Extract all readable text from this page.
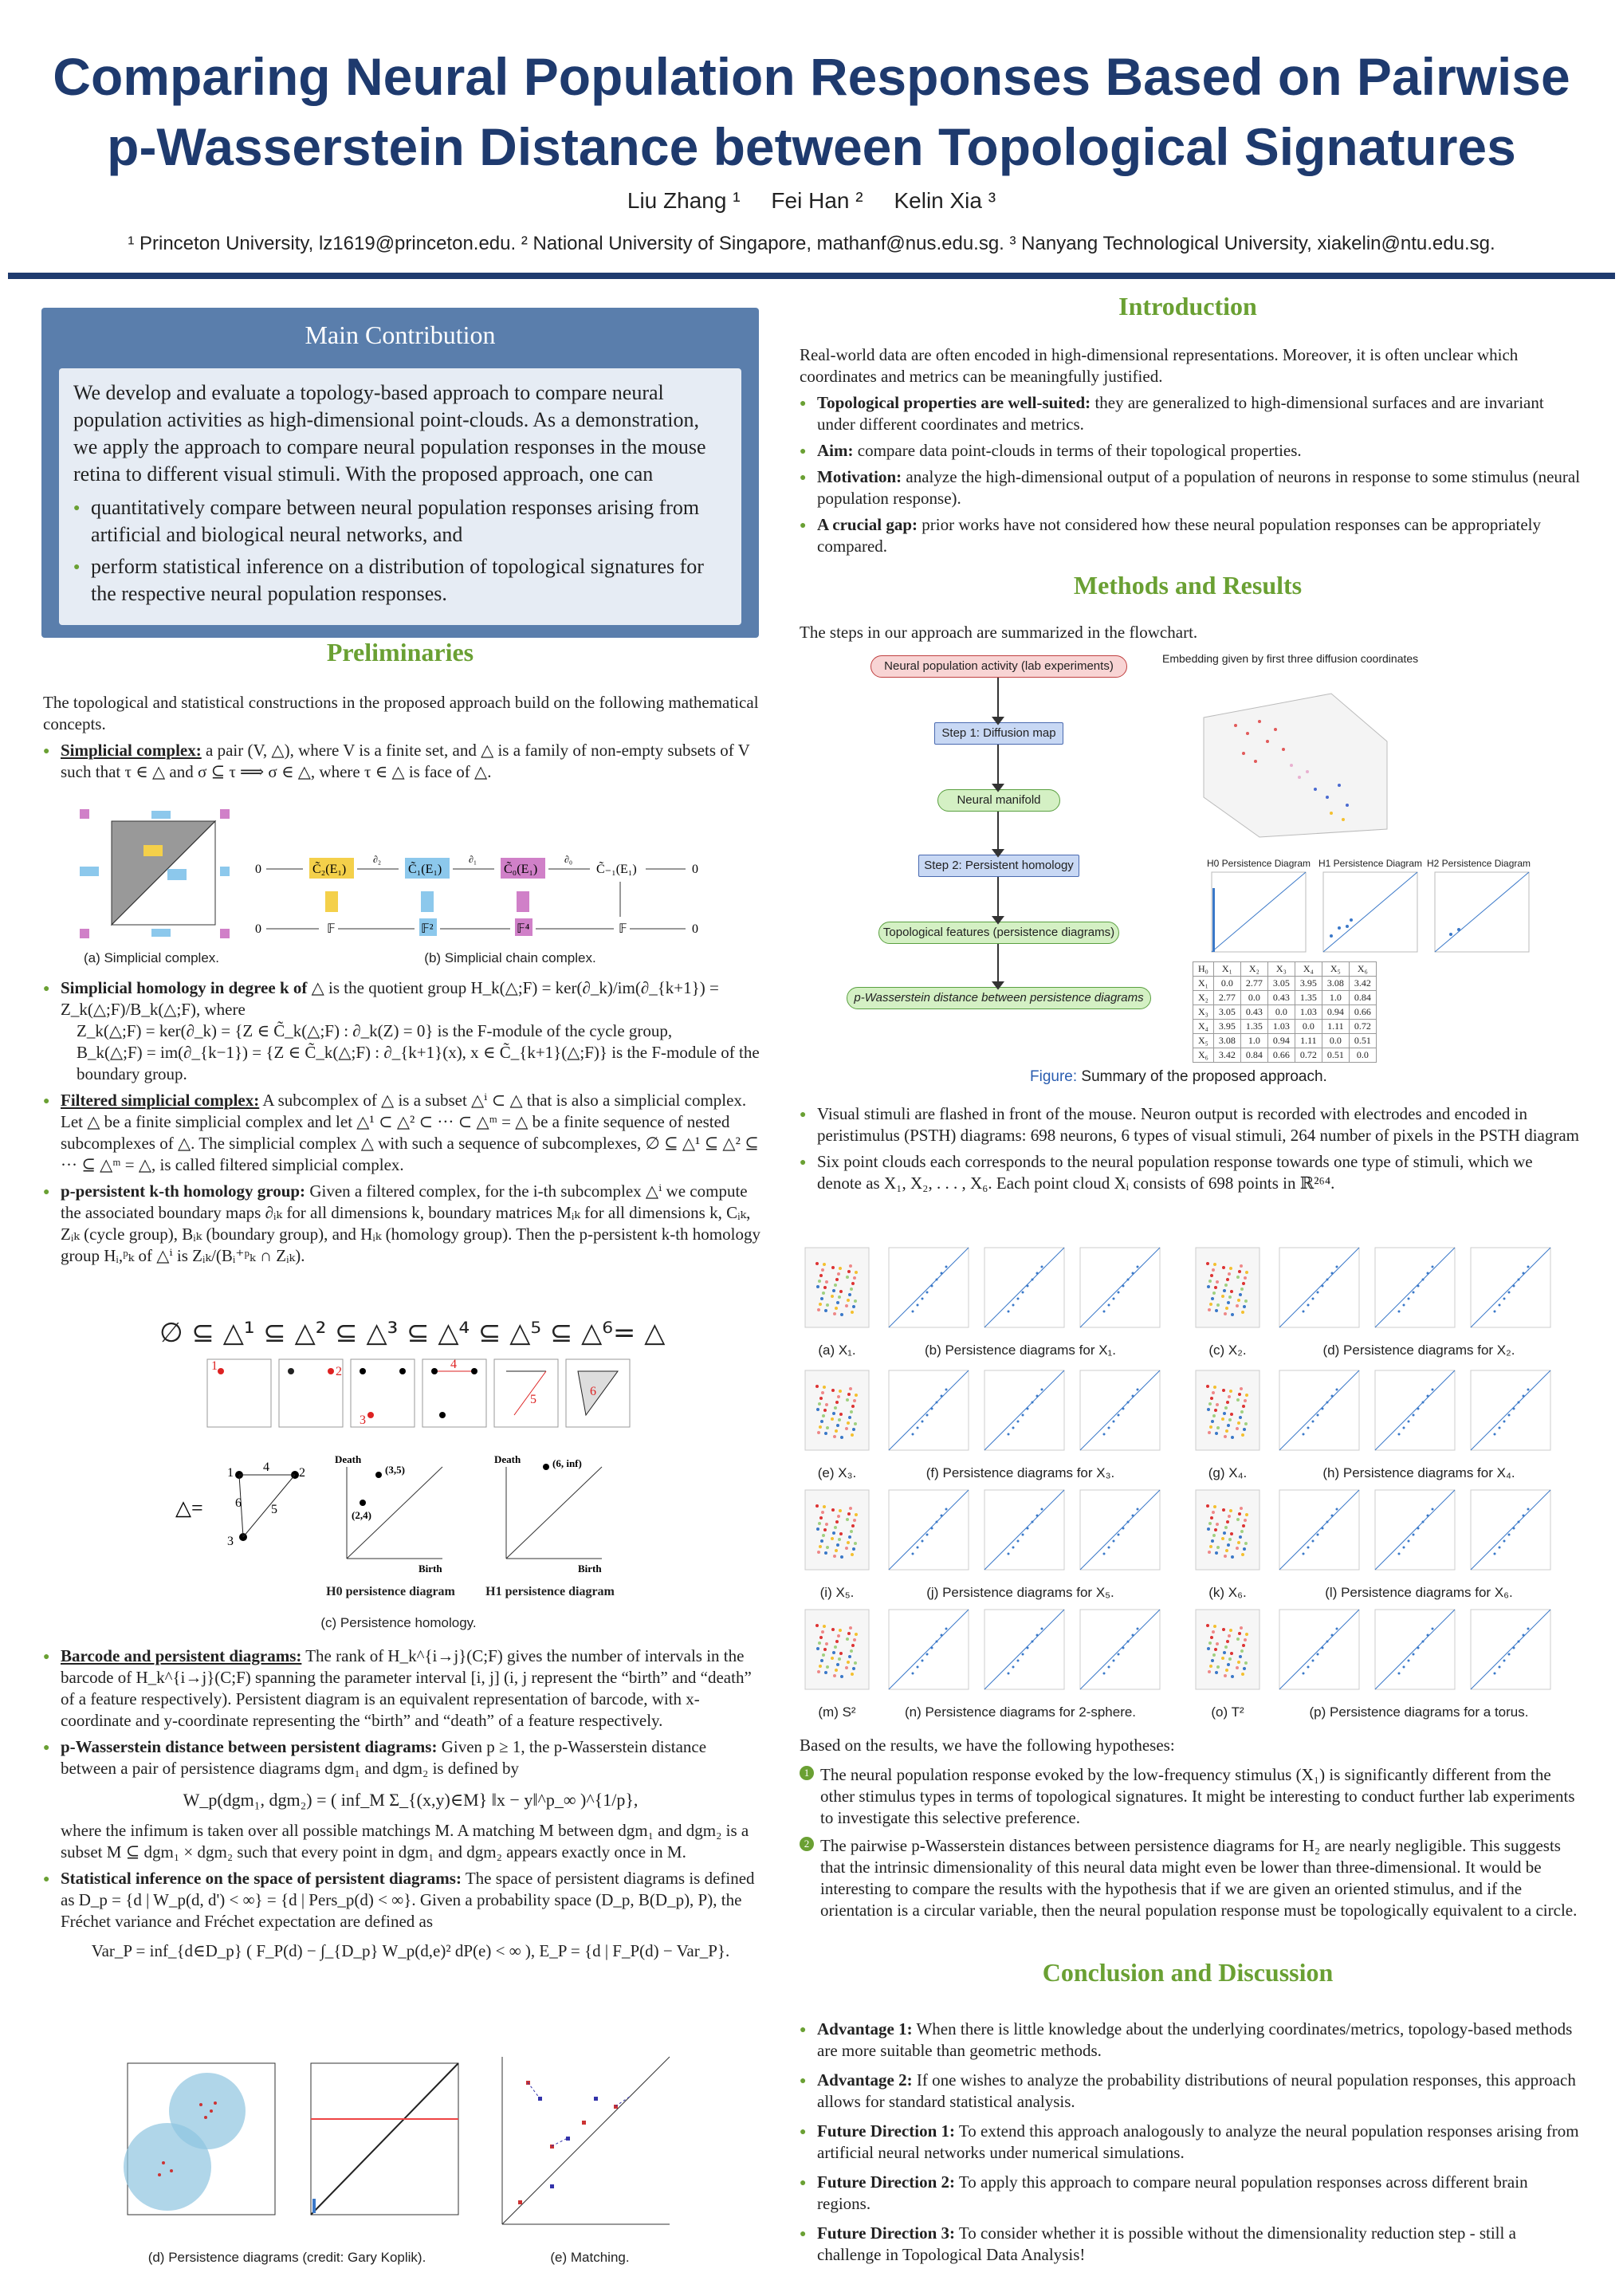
Comparing Neural Population Responses Based on Pairwise
p-Wasserstein Distance between Topological Signatures
Liu Zhang ¹     Fei Han ²     Kelin Xia ³
¹ Princeton University, lz1619@princeton.edu. ² National University of Singapore, mathanf@nus.edu.sg. ³ Nanyang Technological University, xiakelin@ntu.edu.sg.
Main Contribution
We develop and evaluate a topology-based approach to compare neural population activities as high-dimensional point-clouds. As a demonstration, we apply the approach to compare neural population responses in the mouse retina to different visual stimuli. With the proposed approach, one can
● quantitatively compare between neural population responses arising from artificial and biological neural networks, and
● perform statistical inference on a distribution of topological signatures for the respective neural population responses.
Preliminaries
The topological and statistical constructions in the proposed approach build on the following mathematical concepts.
● Simplicial complex: a pair (V, △), where V is a finite set, and △ is a family of non-empty subsets of V such that τ ∈ △ and σ ⊆ τ ⟹ σ ∈ △, where τ ∈ △ is face of △.
(a) Simplicial complex.
0	C̃₂(E₁)
∂₂
C̃₁(E₁)
∂₁
C̃₀(E₁)
∂₀
C̃₋₁(E₁)	0
0	𝔽	𝔽²	𝔽⁴	𝔽	0
(b) Simplicial chain complex.
● Simplicial homology in degree k of △ is the quotient group H_k(△;F) = ker(∂_k)/im(∂_{k+1}) = Z_k(△;F)/B_k(△;F), where
Z_k(△;F) = ker(∂_k) = {Z ∈ C̃_k(△;F) : ∂_k(Z) = 0} is the F-module of the cycle group,
B_k(△;F) = im(∂_{k−1}) = {Z ∈ C̃_k(△;F) : ∂_{k+1}(x), x ∈ C̃_{k+1}(△;F)} is the F-module of the boundary group.
● Filtered simplicial complex: A subcomplex of △ is a subset △ⁱ ⊂ △ that is also a simplicial complex. Let △ be a finite simplicial complex and let △¹ ⊂ △² ⊂ ··· ⊂ △ᵐ = △ be a finite sequence of nested subcomplexes of △. The simplicial complex △ with such a sequence of subcomplexes, ∅ ⊆ △¹ ⊆ △² ⊆ ··· ⊆ △ᵐ = △, is called filtered simplicial complex.
● p-persistent k-th homology group: Given a filtered complex, for the i-th subcomplex △ⁱ we compute the associated boundary maps ∂ᵢₖ for all dimensions k, boundary matrices Mᵢₖ for all dimensions k, Cᵢₖ, Zᵢₖ (cycle group), Bᵢₖ (boundary group), and Hᵢₖ (homology group). Then the p-persistent k-th homology group Hᵢ,ᵖₖ of △ⁱ is Zᵢₖ/(Bᵢ⁺ᵖₖ ∩ Zᵢₖ).
∅ ⊆ △¹ ⊆ △² ⊆ △³ ⊆ △⁴ ⊆ △⁵ ⊆ △⁶= △
1	2
3
4
5
6
1	2
3
4
5
6
△=
Death
Birth
(3,5)
(2,4)
Death
Birth
(6, inf)
H0 persistence diagram	H1 persistence diagram
(c) Persistence homology.
● Barcode and persistent diagrams: The rank of H_k^{i→j}(C;F) gives the number of intervals in the barcode of H_k^{i→j}(C;F) spanning the parameter interval [i, j] (i, j represent the “birth” and “death” of a feature respectively). Persistent diagram is an equivalent representation of barcode, with x-coordinate and y-coordinate representing the “birth” and “death” of a feature respectively.
● p-Wasserstein distance between persistent diagrams: Given p ≥ 1, the p-Wasserstein distance between a pair of persistence diagrams dgm₁ and dgm₂ is defined by
W_p(dgm₁, dgm₂) = ( inf_M Σ_{(x,y)∈M} ‖x − y‖^p_∞ )^{1/p},
where the infimum is taken over all possible matchings M. A matching M between dgm₁ and dgm₂ is a subset M ⊆ dgm₁ × dgm₂ such that every point in dgm₁ and dgm₂ appears exactly once in M.
● Statistical inference on the space of persistent diagrams: The space of persistent diagrams is defined as D_p = {d | W_p(d, d') < ∞} = {d | Pers_p(d) < ∞}. Given a probability space (D_p, B(D_p), P), the Fréchet variance and Fréchet expectation are defined as
Var_P = inf_{d∈D_p} ( F_P(d) − ∫_{D_p} W_p(d,e)² dP(e) < ∞ ), E_P = {d | F_P(d) − Var_P}.
(d) Persistence diagrams (credit: Gary Koplik).	(e) Matching.
Introduction
Real-world data are often encoded in high-dimensional representations. Moreover, it is often unclear which coordinates and metrics can be meaningfully justified.
● Topological properties are well-suited: they are generalized to high-dimensional surfaces and are invariant under different coordinates and metrics.
● Aim: compare data point-clouds in terms of their topological properties.
● Motivation: analyze the high-dimensional output of a population of neurons in response to some stimulus (neural population response).
● A crucial gap: prior works have not considered how these neural population responses can be appropriately compared.
Methods and Results
The steps in our approach are summarized in the flowchart.
Neural population activity (lab experiments)
Step 1: Diffusion map
Neural manifold
Step 2: Persistent homology
Topological features (persistence diagrams)
p-Wasserstein distance between persistence diagrams
Embedding given by first three diffusion coordinates
H0 Persistence Diagram H1 Persistence Diagram H2 Persistence Diagram
H₀	X₁	X₂	X₃	X₄	X₅	X₆
X₁	0.0	2.77	3.05	3.95	3.08	3.42
X₂	2.77	0.0	0.43	1.35	1.0	0.84
X₃	3.05	0.43	0.0	1.03	0.94	0.66
X₄	3.95	1.35	1.03	0.0	1.11	0.72
X₅	3.08	1.0	0.94	1.11	0.0	0.51
X₆	3.42	0.84	0.66	0.72	0.51	0.0
Figure: Summary of the proposed approach.
● Visual stimuli are flashed in front of the mouse. Neuron output is recorded with electrodes and encoded in peristimulus (PSTH) diagrams: 698 neurons, 6 types of visual stimuli, 264 number of pixels in the PSTH diagram
● Six point clouds each corresponds to the neural population response towards one type of stimuli, which we denote as X₁, X₂, . . . , X₆. Each point cloud Xᵢ consists of 698 points in ℝ²⁶⁴.
(a) X₁.	(b) Persistence diagrams for X₁.	(c) X₂.	(d) Persistence diagrams for X₂.
(e) X₃.	(f) Persistence diagrams for X₃.	(g) X₄.	(h) Persistence diagrams for X₄.
(i) X₅.	(j) Persistence diagrams for X₅.	(k) X₆.	(l) Persistence diagrams for X₆.
(m) S²	(n) Persistence diagrams for 2-sphere.	(o) T²	(p) Persistence diagrams for a torus.
Based on the results, we have the following hypotheses:
1 The neural population response evoked by the low-frequency stimulus (X₁) is significantly different from the other stimulus types in terms of topological signatures. It might be interesting to conduct further lab experiments to investigate this selective preference.
2 The pairwise p-Wasserstein distances between persistence diagrams for H₂ are nearly negligible. This suggests that the intrinsic dimensionality of this neural data might even be lower than three-dimensional. It would be interesting to compare the results with the hypothesis that if we are given an oriented stimulus, and if the orientation is a circular variable, then the neural population response must be topologically equivalent to a circle.
Conclusion and Discussion
● Advantage 1: When there is little knowledge about the underlying coordinates/metrics, topology-based methods are more suitable than geometric methods.
● Advantage 2: If one wishes to analyze the probability distributions of neural population responses, this approach allows for standard statistical analysis.
● Future Direction 1: To extend this approach analogously to analyze the neural population responses arising from artificial neural networks under numerical simulations.
● Future Direction 2: To apply this approach to compare neural population responses across different brain regions.
● Future Direction 3: To consider whether it is possible without the dimensionality reduction step - still a challenge in Topological Data Analysis!
